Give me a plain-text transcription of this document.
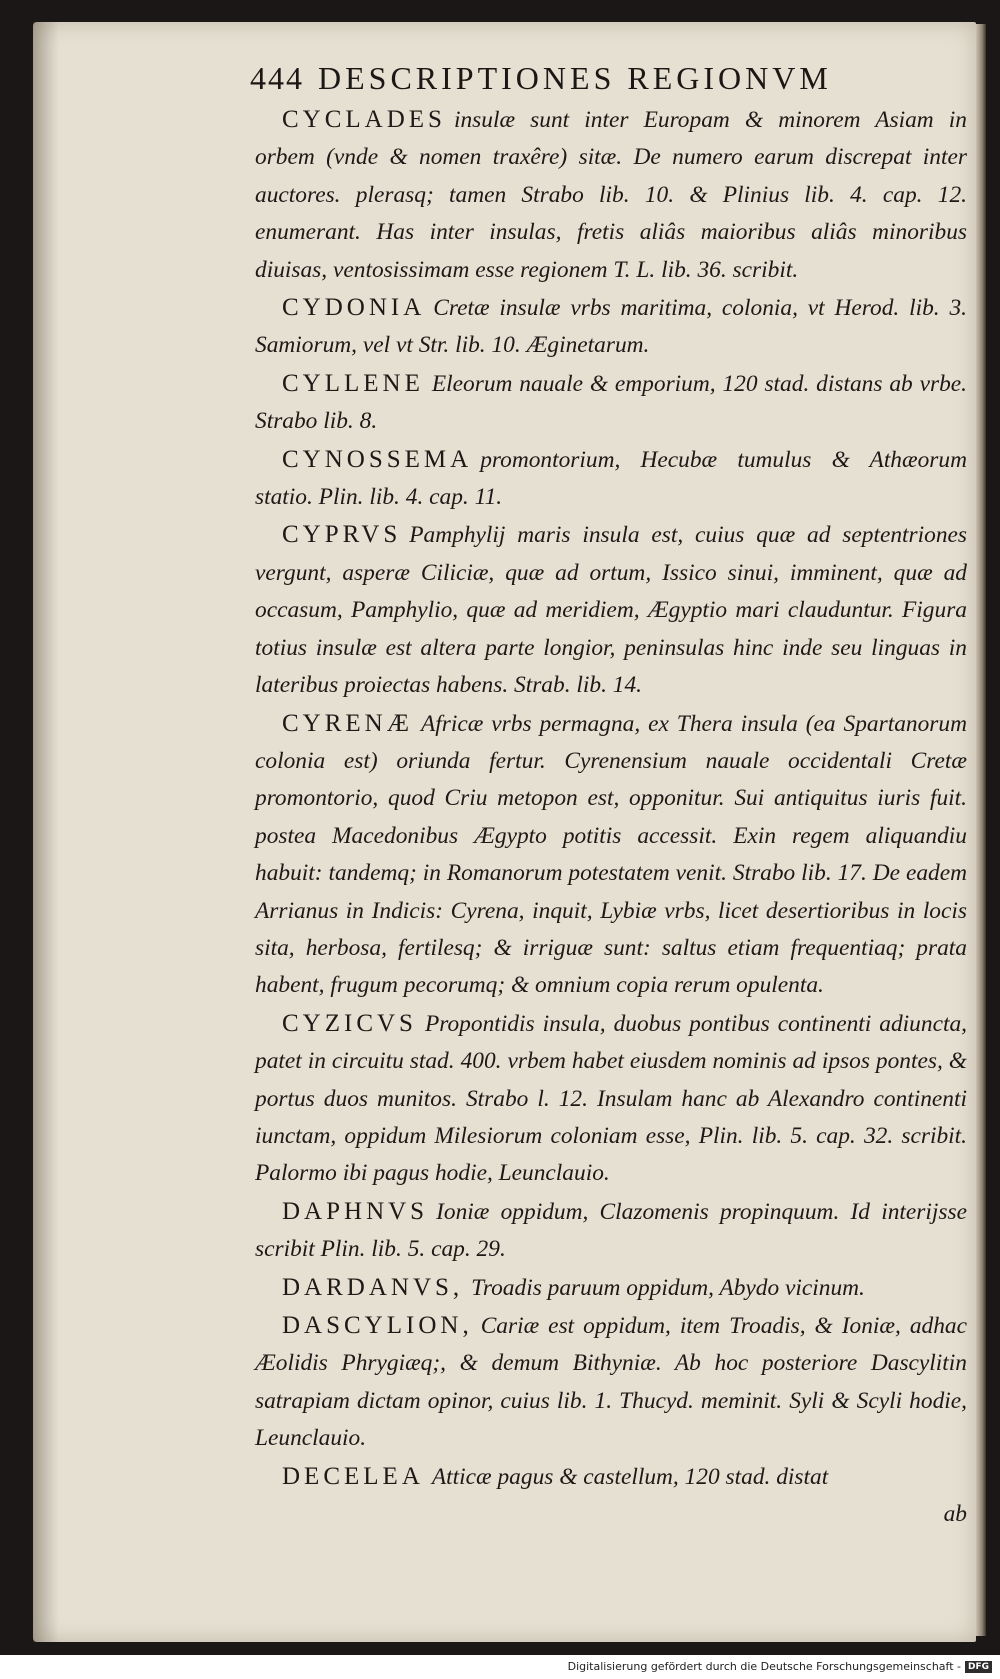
444 DESCRIPTIONES REGIONVM

CYCLADES insulæ sunt inter Europam & minorem Asiam in orbem (vnde & nomen traxêre) sitæ. De numero earum discrepat inter auctores. plerasq; tamen Strabo lib. 10. & Plinius lib. 4. cap. 12. enumerant. Has inter insulas, fretis aliâs maioribus aliâs minoribus diuisas, ventosissimam esse regionem T. L. lib. 36. scribit.

CYDONIA Cretæ insulæ vrbs maritima, colonia, vt Herod. lib. 3. Samiorum, vel vt Str. lib. 10. Æginetarum.

CYLLENE Eleorum nauale & emporium, 120 stad. distans ab vrbe. Strabo lib. 8.

CYNOSSEMA promontorium, Hecubæ tumulus & Athæorum statio. Plin. lib. 4. cap. 11.

CYPRVS Pamphylij maris insula est, cuius quæ ad septentriones vergunt, asperæ Ciliciæ, quæ ad ortum, Issico sinui, imminent, quæ ad occasum, Pamphylio, quæ ad meridiem, Ægyptio mari clauduntur. Figura totius insulæ est altera parte longior, peninsulas hinc inde seu linguas in lateribus proiectas habens. Strab. lib. 14.

CYRENÆ Africæ vrbs permagna, ex Thera insula (ea Spartanorum colonia est) oriunda fertur. Cyrenensium nauale occidentali Cretæ promontorio, quod Criu metopon est, opponitur. Sui antiquitus iuris fuit. postea Macedonibus Ægypto potitis accessit. Exin regem aliquandiu habuit: tandemq; in Romanorum potestatem venit. Strabo lib. 17. De eadem Arrianus in Indicis: Cyrena, inquit, Lybiæ vrbs, licet desertioribus in locis sita, herbosa, fertilesq; & irriguæ sunt: saltus etiam frequentiaq; prata habent, frugum pecorumq; & omnium copia rerum opulenta.

CYZICVS Propontidis insula, duobus pontibus continenti adiuncta, patet in circuitu stad. 400. vrbem habet eiusdem nominis ad ipsos pontes, & portus duos munitos. Strabo l. 12. Insulam hanc ab Alexandro continenti iunctam, oppidum Milesiorum coloniam esse, Plin. lib. 5. cap. 32. scribit. Palormo ibi pagus hodie, Leunclauio.

DAPHNVS Ioniæ oppidum, Clazomenis propinquum. Id interijsse scribit Plin. lib. 5. cap. 29.

DARDANVS, Troadis paruum oppidum, Abydo vicinum.

DASCYLION, Cariæ est oppidum, item Troadis, & Ioniæ, adhac Æolidis Phrygiæq;, & demum Bithyniæ. Ab hoc posteriore Dascylitin satrapiam dictam opinor, cuius lib. 1. Thucyd. meminit. Syli & Scyli hodie, Leunclauio.

DECELEA Atticæ pagus & castellum, 120 stad. distat

ab
Digitalisierung gefördert durch die Deutsche Forschungsgemeinschaft - DFG
